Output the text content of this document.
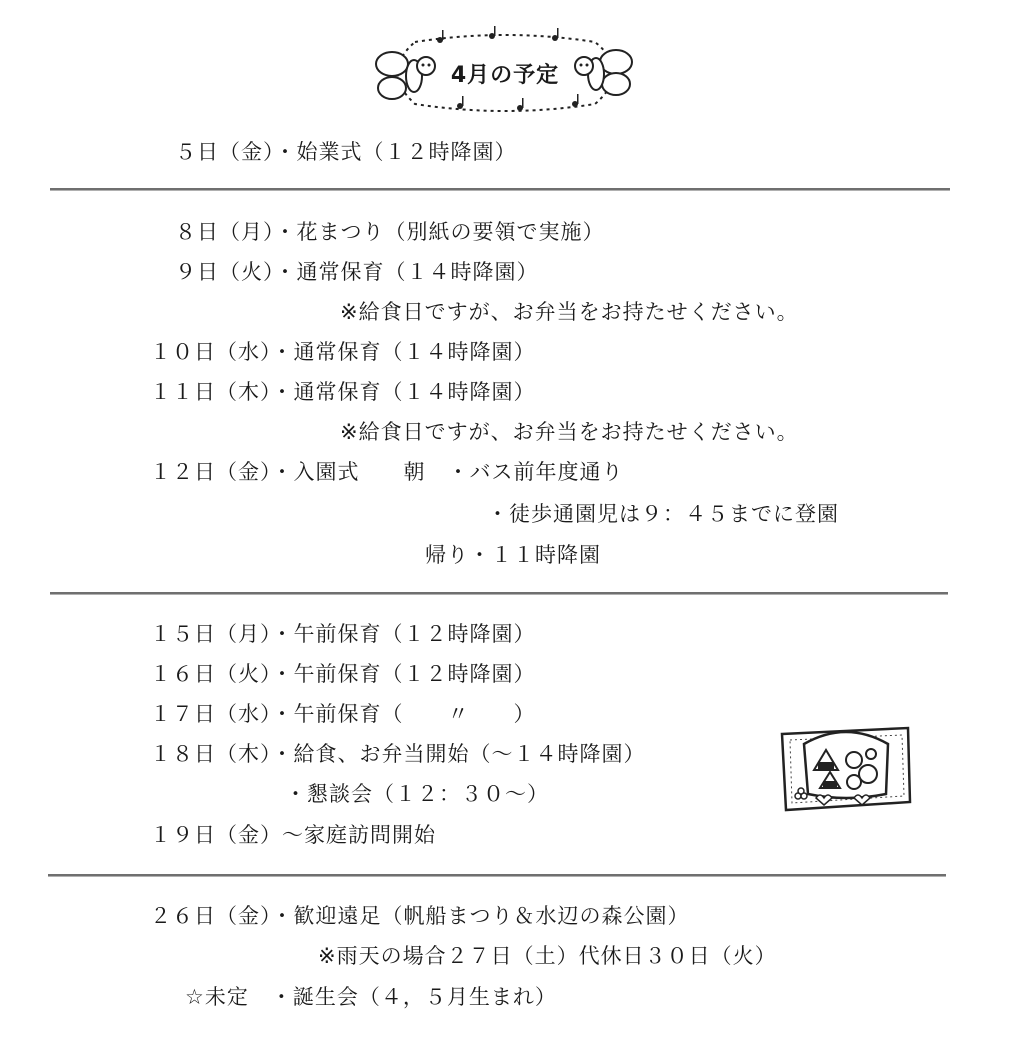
4月の予定
５日（金）・始業式（１２時降園）
８日（月）・花まつり（別紙の要領で実施）
９日（火）・通常保育（１４時降園）
※給食日ですが、お弁当をお持たせください。
１０日（水）・通常保育（１４時降園）
１１日（木）・通常保育（１４時降園）
※給食日ですが、お弁当をお持たせください。
１２日（金）・入園式　　朝　・バス前年度通り
・徒歩通園児は９：４５までに登園
帰り・１１時降園
１５日（月）・午前保育（１２時降園）
１６日（火）・午前保育（１２時降園）
１７日（水）・午前保育（　　〃　　）
１８日（木）・給食、お弁当開始（～１４時降園）
・懇談会（１２：３０～）
１９日（金）～家庭訪問開始
２６日（金）・歓迎遠足（帆船まつり＆水辺の森公園）
※雨天の場合２７日（土）代休日３０日（火）
☆未定　・誕生会（４，５月生まれ）
